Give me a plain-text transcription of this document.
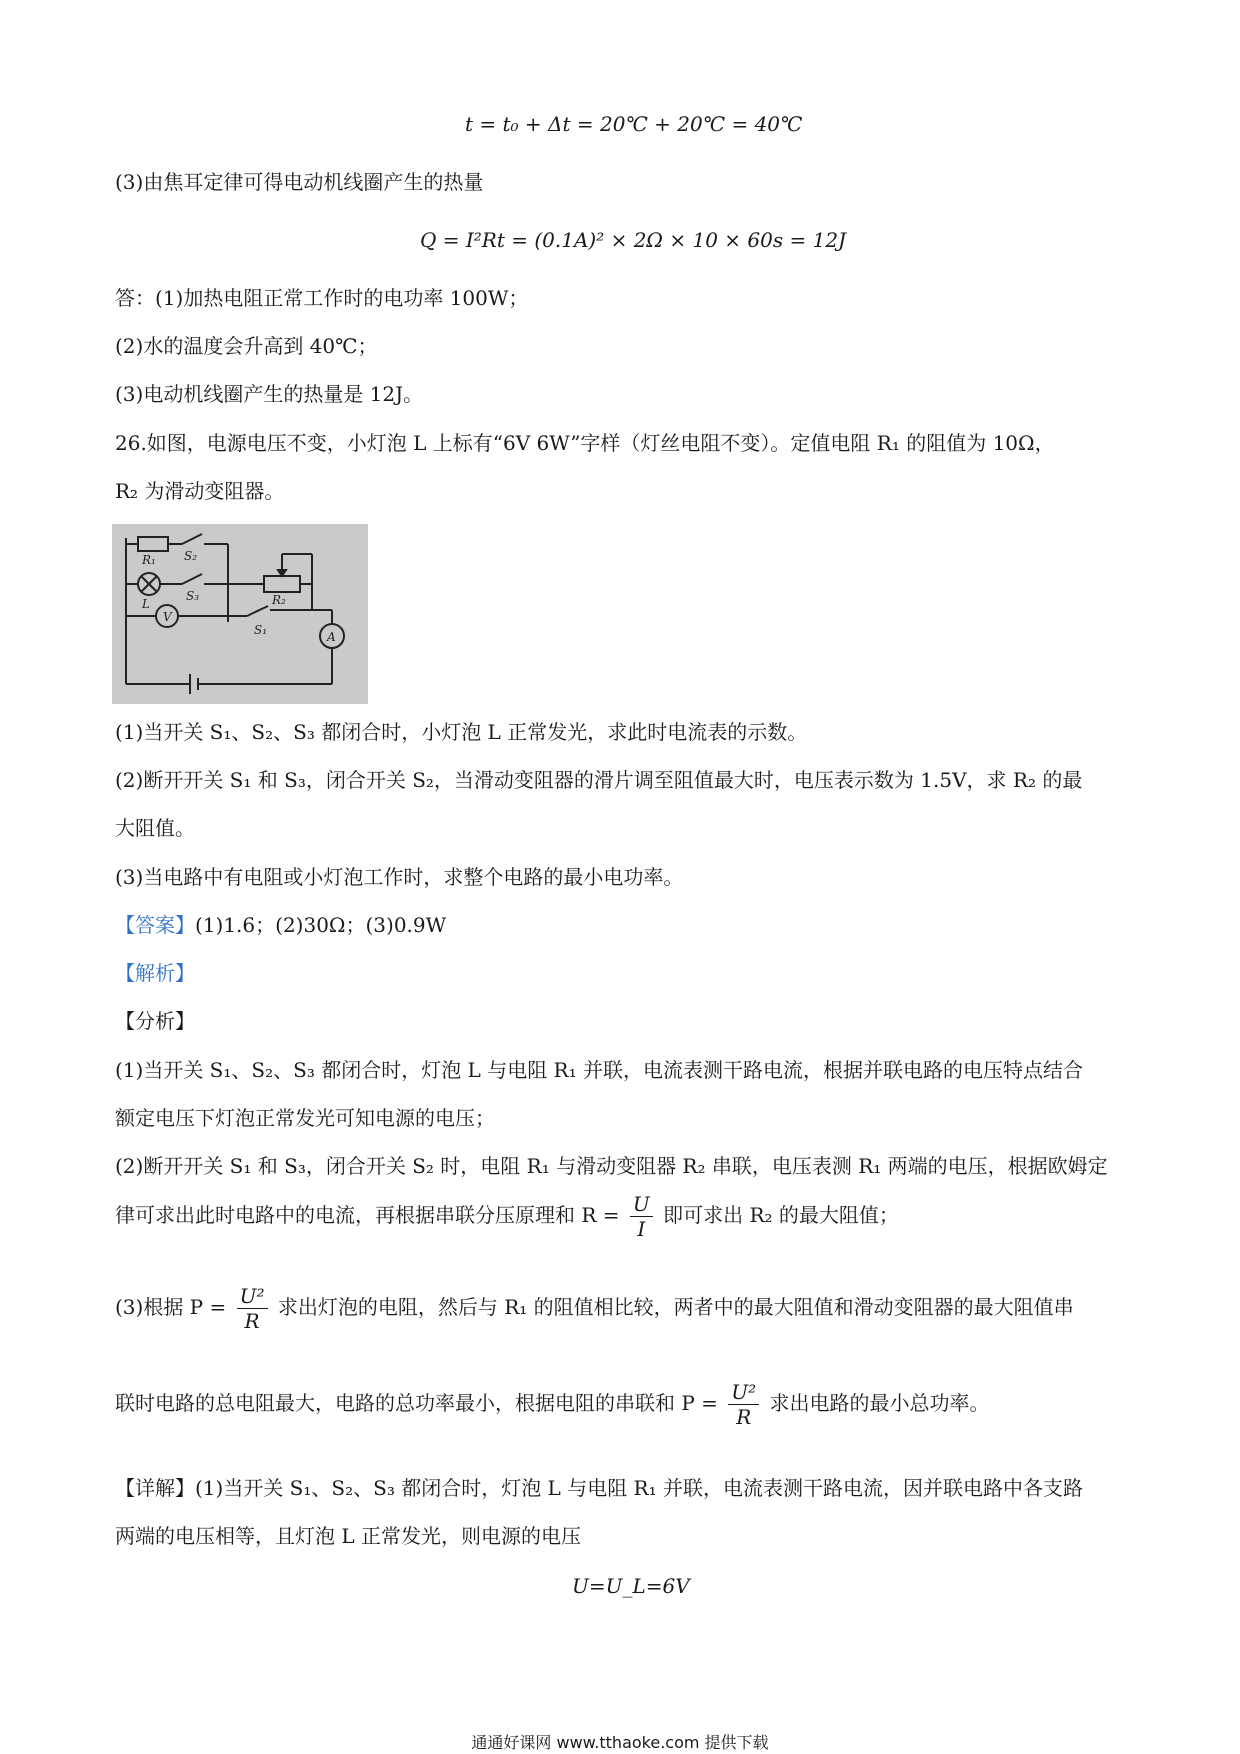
t = t₀ + Δt = 20℃ + 20℃ = 40℃
(3)由焦耳定律可得电动机线圈产生的热量
Q = I²Rt = (0.1A)² × 2Ω × 10 × 60s = 12J
答：(1)加热电阻正常工作时的电功率 100W；
(2)水的温度会升高到 40℃；
(3)电动机线圈产生的热量是 12J。
26.如图，电源电压不变，小灯泡 L 上标有“6V 6W”字样（灯丝电阻不变）。定值电阻 R₁ 的阻值为 10Ω，
R₂ 为滑动变阻器。
R₁ S₂
S₃
L
V
R₂
S₁	A
(1)当开关 S₁、S₂、S₃ 都闭合时，小灯泡 L 正常发光，求此时电流表的示数。
(2)断开开关 S₁ 和 S₃，闭合开关 S₂，当滑动变阻器的滑片调至阻值最大时，电压表示数为 1.5V，求 R₂ 的最
大阻值。
(3)当电路中有电阻或小灯泡工作时，求整个电路的最小电功率。
【答案】(1)1.6；(2)30Ω；(3)0.9W
【解析】
【分析】
(1)当开关 S₁、S₂、S₃ 都闭合时，灯泡 L 与电阻 R₁ 并联，电流表测干路电流，根据并联电路的电压特点结合
额定电压下灯泡正常发光可知电源的电压；
(2)断开开关 S₁ 和 S₃，闭合开关 S₂ 时，电阻 R₁ 与滑动变阻器 R₂ 串联，电压表测 R₁ 两端的电压，根据欧姆定
律可求出此时电路中的电流，再根据串联分压原理和 $R = \frac{U}{I}$ 即可求出 R₂ 的最大阻值；
(3)根据 $P = \frac{\text{U²}}{R}$ 求出灯泡的电阻，然后与 R₁ 的阻值相比较，两者中的最大阻值和滑动变阻器的最大阻值串
联时电路的总电阻最大，电路的总功率最小，根据电阻的串联和 $P = \frac{\text{U²}}{R}$ 求出电路的最小总功率。
【详解】(1)当开关 S₁、S₂、S₃ 都闭合时，灯泡 L 与电阻 R₁ 并联，电流表测干路电流，因并联电路中各支路
两端的电压相等，且灯泡 L 正常发光，则电源的电压
U=U_L=6V
通通好课网 www.tthaoke.com 提供下载
